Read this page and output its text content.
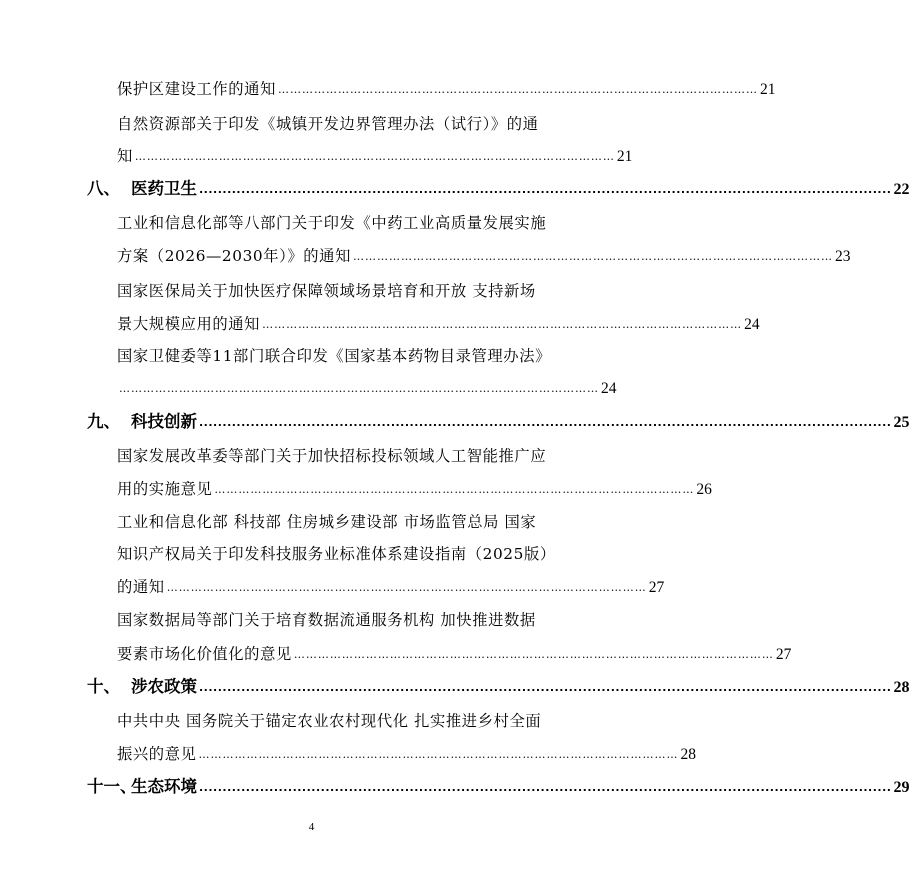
保护区建设工作的通知 ………………………………………………………………………………………………………… 21
自然资源部关于印发《城镇开发边界管理办法（试行）》的通
知 ………………………………………………………………………………………………………… 21
八、 医药卫生 .................................................................................................................................................... 22
工业和信息化部等八部门关于印发《中药工业高质量发展实施
方案（2026—2030年）》的通知 ………………………………………………………………………………………………………… 23
国家医保局关于加快医疗保障领域场景培育和开放 支持新场
景大规模应用的通知 ………………………………………………………………………………………………………… 24
国家卫健委等11部门联合印发《国家基本药物目录管理办法》
………………………………………………………………………………………………………… 24
九、 科技创新 .................................................................................................................................................... 25
国家发展改革委等部门关于加快招标投标领域人工智能推广应
用的实施意见 ………………………………………………………………………………………………………… 26
工业和信息化部 科技部 住房城乡建设部 市场监管总局 国家
知识产权局关于印发科技服务业标准体系建设指南（2025版）
的通知 ………………………………………………………………………………………………………… 27
国家数据局等部门关于培育数据流通服务机构 加快推进数据
要素市场化价值化的意见 ………………………………………………………………………………………………………… 27
十、 涉农政策 .................................................................................................................................................... 28
中共中央 国务院关于锚定农业农村现代化 扎实推进乡村全面
振兴的意见 ………………………………………………………………………………………………………… 28
十一、
生态环境 .................................................................................................................................................... 29
4
